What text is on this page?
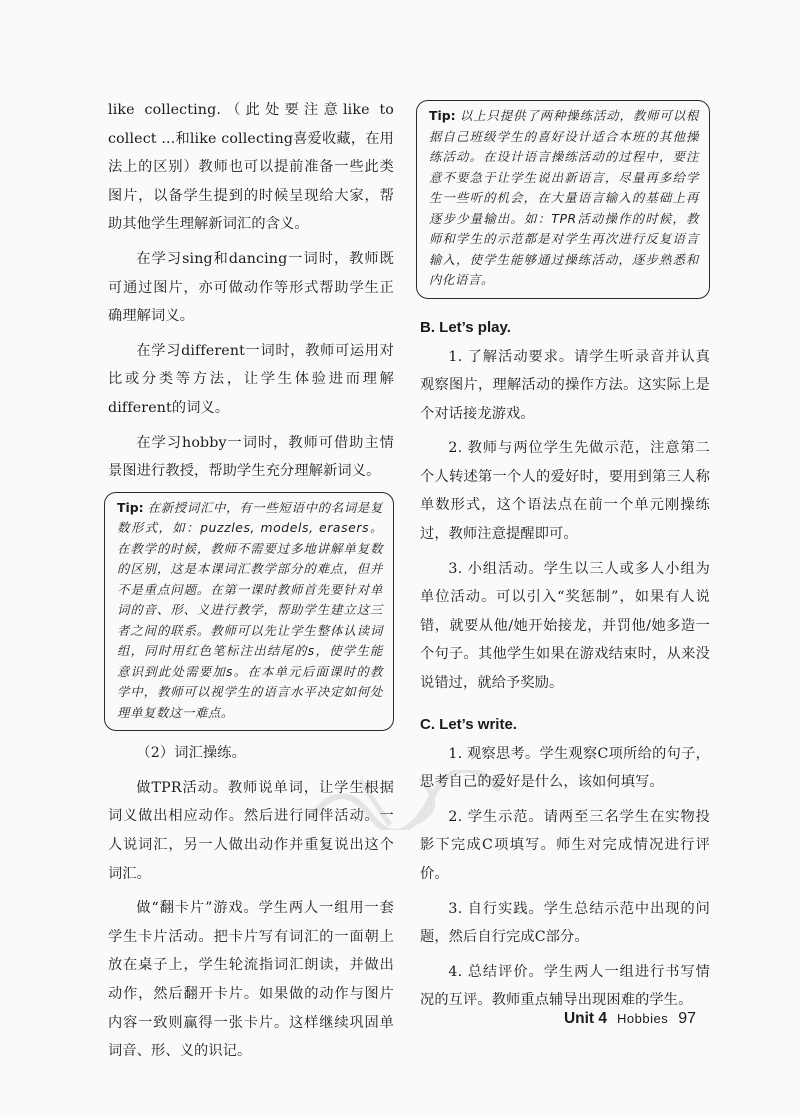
like collecting.（此处要注意like to collect ...和like collecting喜爱收藏，在用法上的区别）教师也可以提前准备一些此类图片，以备学生提到的时候呈现给大家，帮助其他学生理解新词汇的含义。

在学习sing和dancing一词时，教师既可通过图片，亦可做动作等形式帮助学生正确理解词义。

在学习different一词时，教师可运用对比或分类等方法，让学生体验进而理解different的词义。

在学习hobby一词时，教师可借助主情景图进行教授，帮助学生充分理解新词义。

Tip: 在新授词汇中，有一些短语中的名词是复数形式，如：puzzles, models, erasers。在教学的时候，教师不需要过多地讲解单复数的区别，这是本课词汇教学部分的难点，但并不是重点问题。在第一课时教师首先要针对单词的音、形、义进行教学，帮助学生建立这三者之间的联系。教师可以先让学生整体认读词组，同时用红色笔标注出结尾的s，使学生能意识到此处需要加s。在本单元后面课时的教学中，教师可以视学生的语言水平决定如何处理单复数这一难点。

（2）词汇操练。

做TPR活动。教师说单词，让学生根据词义做出相应动作。然后进行同伴活动。一人说词汇，另一人做出动作并重复说出这个词汇。

做“翻卡片”游戏。学生两人一组用一套学生卡片活动。把卡片写有词汇的一面朝上放在桌子上，学生轮流指词汇朗读，并做出动作，然后翻开卡片。如果做的动作与图片内容一致则赢得一张卡片。这样继续巩固单词音、形、义的识记。

Tip: 以上只提供了两种操练活动，教师可以根据自己班级学生的喜好设计适合本班的其他操练活动。在设计语言操练活动的过程中，要注意不要急于让学生说出新语言，尽量再多给学生一些听的机会，在大量语言输入的基础上再逐步少量输出。如：TPR活动操作的时候，教师和学生的示范都是对学生再次进行反复语言输入，使学生能够通过操练活动，逐步熟悉和内化语言。
B. Let’s play.

1. 了解活动要求。请学生听录音并认真观察图片，理解活动的操作方法。这实际上是个对话接龙游戏。

2. 教师与两位学生先做示范，注意第二个人转述第一个人的爱好时，要用到第三人称单数形式，这个语法点在前一个单元刚操练过，教师注意提醒即可。

3. 小组活动。学生以三人或多人小组为单位活动。可以引入“奖惩制”，如果有人说错，就要从他/她开始接龙，并罚他/她多造一个句子。其他学生如果在游戏结束时，从来没说错过，就给予奖励。

C. Let’s write.

1. 观察思考。学生观察C项所给的句子，思考自己的爱好是什么，该如何填写。

2. 学生示范。请两至三名学生在实物投影下完成C项填写。师生对完成情况进行评价。

3. 自行实践。学生总结示范中出现的问题，然后自行完成C部分。

4. 总结评价。学生两人一组进行书写情况的互评。教师重点辅导出现困难的学生。

Unit 4 Hobbies 97
